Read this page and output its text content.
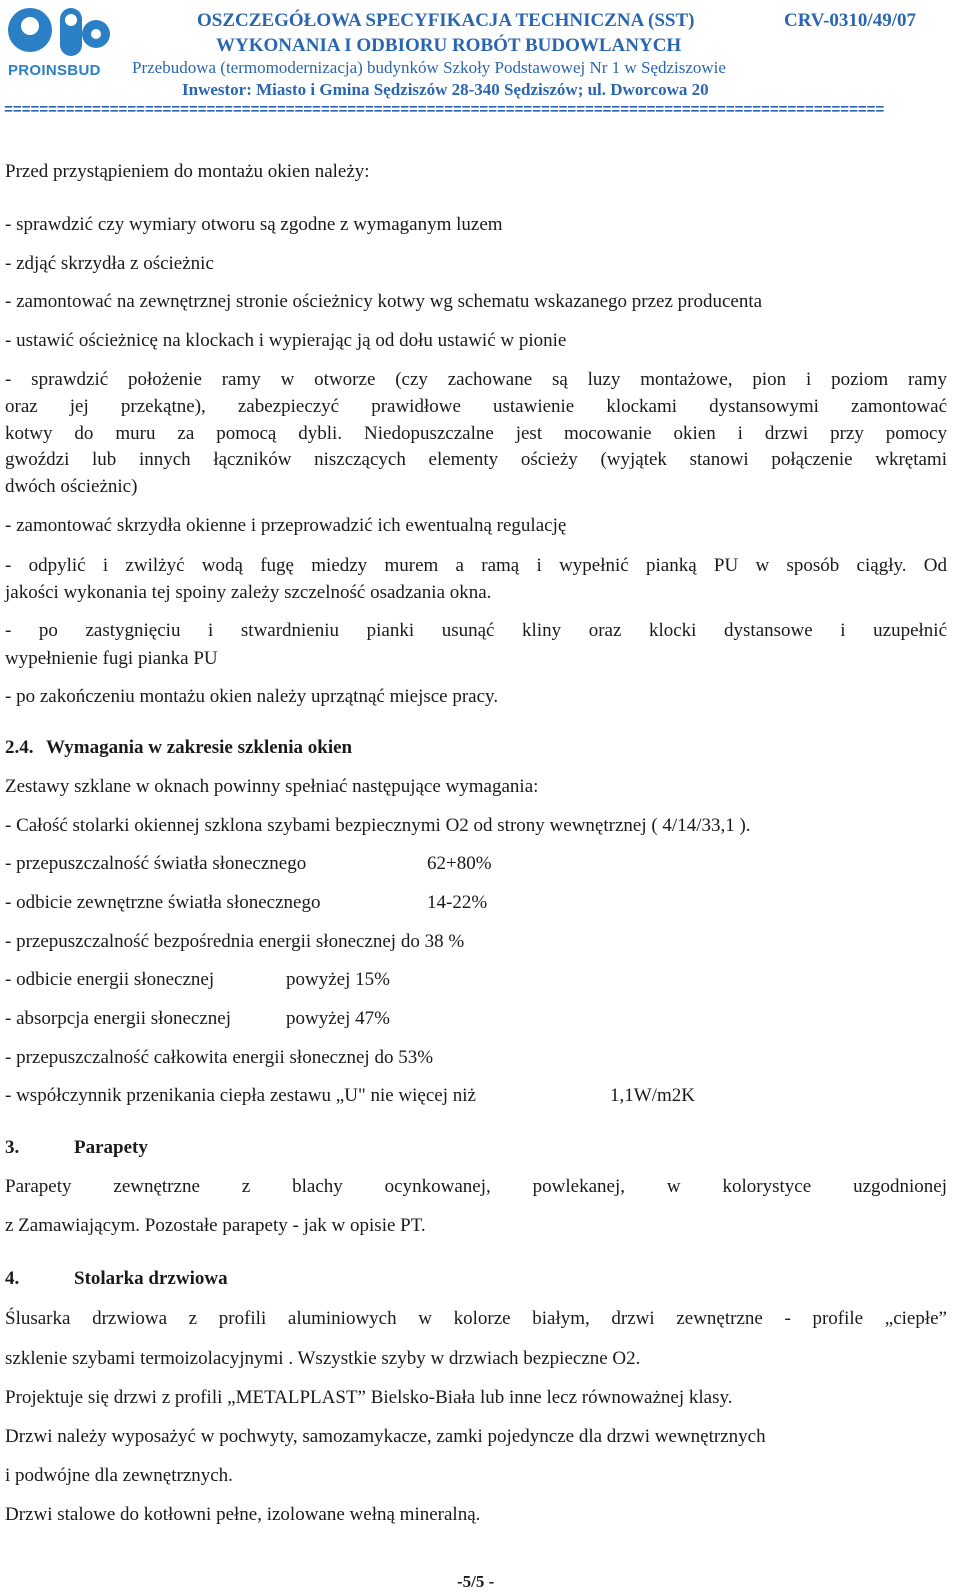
PROINSBUD
OSZCZEGÓŁOWA SPECYFIKACJA TECHNICZNA (SST)	CRV-0310/49/07
WYKONANIA I ODBIORU ROBÓT BUDOWLANYCH
Przebudowa (termomodernizacja) budynków Szkoły Podstawowej Nr 1 w Sędziszowie
Inwestor: Miasto i Gmina Sędziszów 28-340 Sędziszów; ul. Dworcowa 20
====================================================================================================
Przed przystąpieniem do montażu okien należy:
- sprawdzić czy wymiary otworu są zgodne z wymaganym luzem
- zdjąć skrzydła z ościeżnic
- zamontować na zewnętrznej stronie ościeżnicy kotwy wg schematu wskazanego przez producenta
- ustawić ościeżnicę na klockach i wypierając ją od dołu ustawić w pionie
- sprawdzić położenie ramy w otworze (czy zachowane są luzy montażowe, pion i poziom ramy
oraz jej przekątne), zabezpieczyć prawidłowe ustawienie klockami dystansowymi zamontować
kotwy do muru za pomocą dybli. Niedopuszczalne jest mocowanie okien i drzwi przy pomocy
gwoździ lub innych łączników niszczących elementy ościeży (wyjątek stanowi połączenie wkrętami
dwóch ościeżnic)
- zamontować skrzydła okienne i przeprowadzić ich ewentualną regulację
- odpylić i zwilżyć wodą fugę miedzy murem a ramą i wypełnić pianką PU w sposób ciągły. Od
jakości wykonania tej spoiny zależy szczelność osadzania okna.
- po zastygnięciu i stwardnieniu pianki usunąć kliny oraz klocki dystansowe i uzupełnić
wypełnienie fugi pianka PU
- po zakończeniu montażu okien należy uprzątnąć miejsce pracy.
2.4. Wymagania w zakresie szklenia okien
Zestawy szklane w oknach powinny spełniać następujące wymagania:
- Całość stolarki okiennej szklona szybami bezpiecznymi O2 od strony wewnętrznej ( 4/14/33,1 ).
- przepuszczalność światła słonecznego	62+80%
- odbicie zewnętrzne światła słonecznego	14-22%
- przepuszczalność bezpośrednia energii słonecznej do 38 %
- odbicie energii słonecznej	powyżej 15%
- absorpcja energii słonecznej	powyżej 47%
- przepuszczalność całkowita energii słonecznej do 53%
- współczynnik przenikania ciepła zestawu „U" nie więcej niż	1,1W/m2K
3.	Parapety
Parapety zewnętrzne z blachy ocynkowanej, powlekanej, w kolorystyce uzgodnionej
z Zamawiającym. Pozostałe parapety - jak w opisie PT.
4.	Stolarka drzwiowa
Ślusarka drzwiowa z profili aluminiowych w kolorze białym, drzwi zewnętrzne - profile „ciepłe”
szklenie szybami termoizolacyjnymi . Wszystkie szyby w drzwiach bezpieczne O2.
Projektuje się drzwi z profili „METALPLAST” Bielsko-Biała lub inne lecz równoważnej klasy.
Drzwi należy wyposażyć w pochwyty, samozamykacze, zamki pojedyncze dla drzwi wewnętrznych
i podwójne dla zewnętrznych.
Drzwi stalowe do kotłowni pełne, izolowane wełną mineralną.
-5/5 -
